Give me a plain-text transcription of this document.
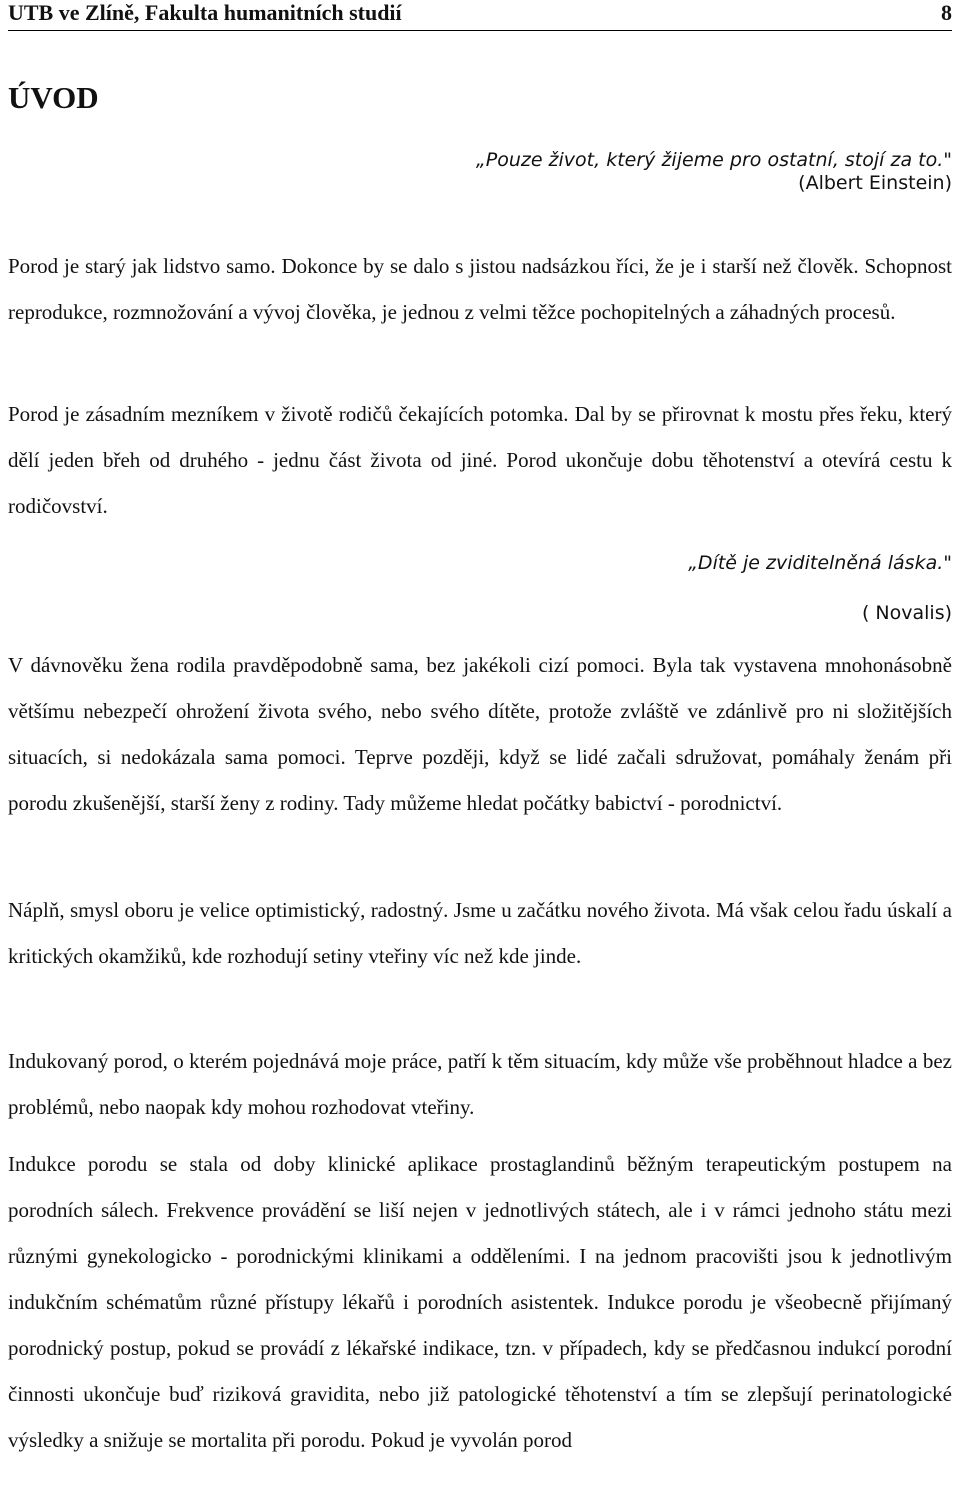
UTB ve Zlíně, Fakulta humanitních studií	8
ÚVOD
„Pouze život, který žijeme pro ostatní, stojí za to."
(Albert Einstein)

Porod je starý jak lidstvo samo. Dokonce by se dalo s jistou nadsázkou říci, že je i starší než člověk. Schopnost reprodukce, rozmnožování a vývoj člověka, je jednou z velmi těžce pochopitelných a záhadných procesů.

Porod je zásadním mezníkem v životě rodičů čekajících potomka. Dal by se přirovnat k mostu přes řeku, který dělí jeden břeh od druhého - jednu část života od jiné. Porod ukončuje dobu těhotenství a otevírá cestu k rodičovství.

„Dítě je zviditelněná láska."
( Novalis)

V dávnověku žena rodila pravděpodobně sama, bez jakékoli cizí pomoci. Byla tak vystavena mnohonásobně většímu nebezpečí ohrožení života svého, nebo svého dítěte, protože zvláště ve zdánlivě pro ni složitějších situacích, si nedokázala sama pomoci. Teprve později, když se lidé začali sdružovat, pomáhaly ženám při porodu zkušenější, starší ženy z rodiny. Tady můžeme hledat počátky babictví - porodnictví.

Náplň, smysl oboru je velice optimistický, radostný. Jsme u začátku nového života. Má však celou řadu úskalí a kritických okamžiků, kde rozhodují setiny vteřiny víc než kde jinde.

Indukovaný porod, o kterém pojednává moje práce, patří k těm situacím, kdy může vše proběhnout hladce a bez problémů, nebo naopak kdy mohou rozhodovat vteřiny.

Indukce porodu se stala od doby klinické aplikace prostaglandinů běžným terapeutickým postupem na porodních sálech. Frekvence provádění se liší nejen v jednotlivých státech, ale i v rámci jednoho státu mezi různými gynekologicko - porodnickými klinikami a odděleními. I na jednom pracovišti jsou k jednotlivým indukčním schématům různé přístupy lékařů i porodních asistentek. Indukce porodu je všeobecně přijímaný porodnický postup, pokud se provádí z lékařské indikace, tzn. v případech, kdy se předčasnou indukcí porodní činnosti ukončuje buď riziková gravidita, nebo již patologické těhotenství a tím se zlepšují perinatologické výsledky a snižuje se mortalita při porodu. Pokud je vyvolán porod
